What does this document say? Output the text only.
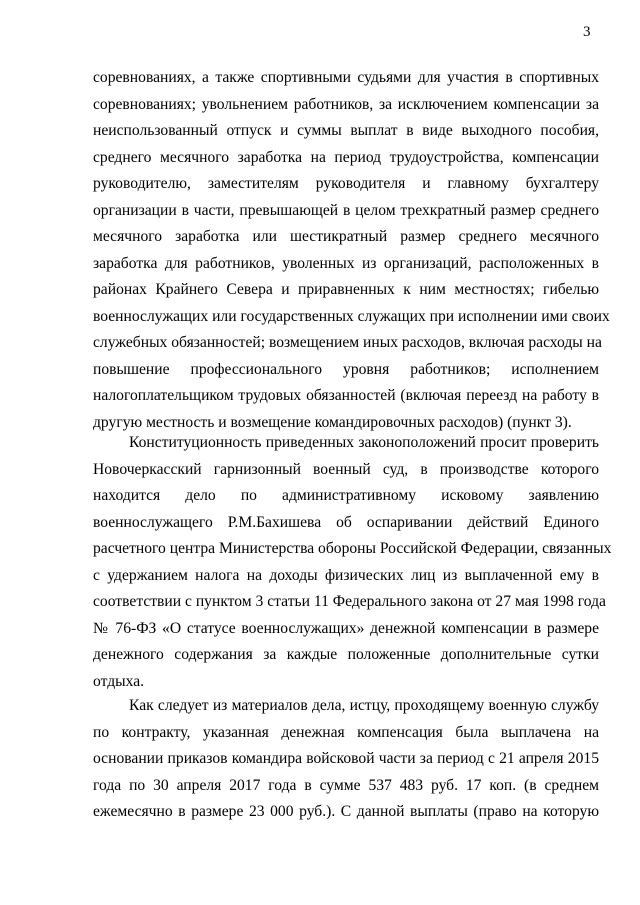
3
соревнованиях, а также спортивными судьями для участия в спортивных
соревнованиях; увольнением работников, за исключением компенсации за
неиспользованный отпуск и суммы выплат в виде выходного пособия,
среднего месячного заработка на период трудоустройства, компенсации
руководителю, заместителям руководителя и главному бухгалтеру
организации в части, превышающей в целом трехкратный размер среднего
месячного заработка или шестикратный размер среднего месячного
заработка для работников, уволенных из организаций, расположенных в
районах Крайнего Севера и приравненных к ним местностях; гибелью
военнослужащих или государственных служащих при исполнении ими своих
служебных обязанностей; возмещением иных расходов, включая расходы на
повышение профессионального уровня работников; исполнением
налогоплательщиком трудовых обязанностей (включая переезд на работу в
другую местность и возмещение командировочных расходов) (пункт 3).
Конституционность приведенных законоположений просит проверить
Новочеркасский гарнизонный военный суд, в производстве которого
находится дело по административному исковому заявлению
военнослужащего Р.М.Бахишева об оспаривании действий Единого
расчетного центра Министерства обороны Российской Федерации, связанных
с удержанием налога на доходы физических лиц из выплаченной ему в
соответствии с пунктом 3 статьи 11 Федерального закона от 27 мая 1998 года
№ 76-ФЗ «О статусе военнослужащих» денежной компенсации в размере
денежного содержания за каждые положенные дополнительные сутки
отдыха.
Как следует из материалов дела, истцу, проходящему военную службу
по контракту, указанная денежная компенсация была выплачена на
основании приказов командира войсковой части за период с 21 апреля 2015
года по 30 апреля 2017 года в сумме 537 483 руб. 17 коп. (в среднем
ежемесячно в размере 23 000 руб.). С данной выплаты (право на которую
